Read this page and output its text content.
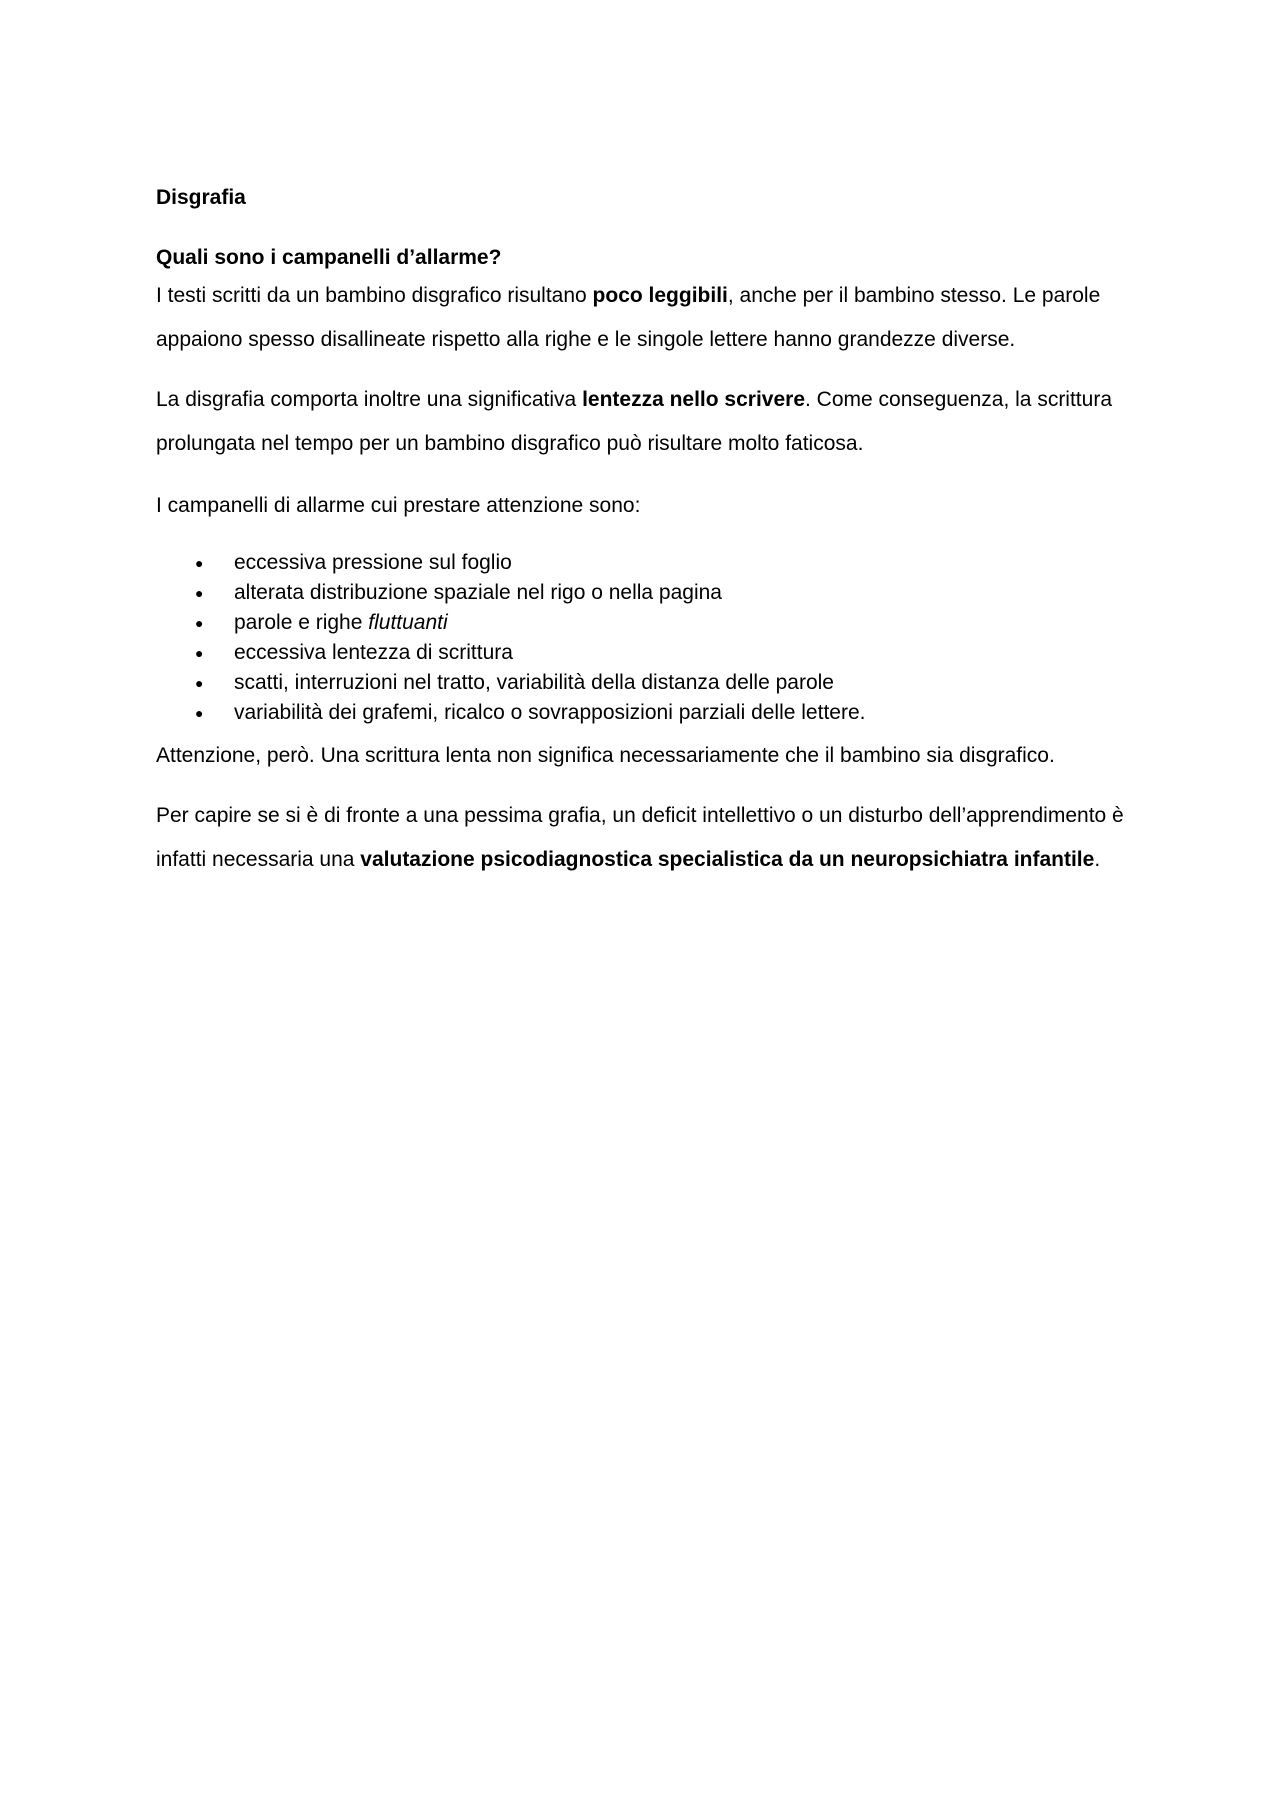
Disgrafia

Quali sono i campanelli d’allarme?

I testi scritti da un bambino disgrafico risultano poco leggibili, anche per il bambino stesso. Le parole appaiono spesso disallineate rispetto alla righe e le singole lettere hanno grandezze diverse.

La disgrafia comporta inoltre una significativa lentezza nello scrivere. Come conseguenza, la scrittura prolungata nel tempo per un bambino disgrafico può risultare molto faticosa.

I campanelli di allarme cui prestare attenzione sono:

● eccessiva pressione sul foglio
● alterata distribuzione spaziale nel rigo o nella pagina
● parole e righe fluttuanti
● eccessiva lentezza di scrittura
● scatti, interruzioni nel tratto, variabilità della distanza delle parole
● variabilità dei grafemi, ricalco o sovrapposizioni parziali delle lettere.

Attenzione, però. Una scrittura lenta non significa necessariamente che il bambino sia disgrafico.

Per capire se si è di fronte a una pessima grafia, un deficit intellettivo o un disturbo dell’apprendimento è infatti necessaria una valutazione psicodiagnostica specialistica da un neuropsichiatra infantile.
